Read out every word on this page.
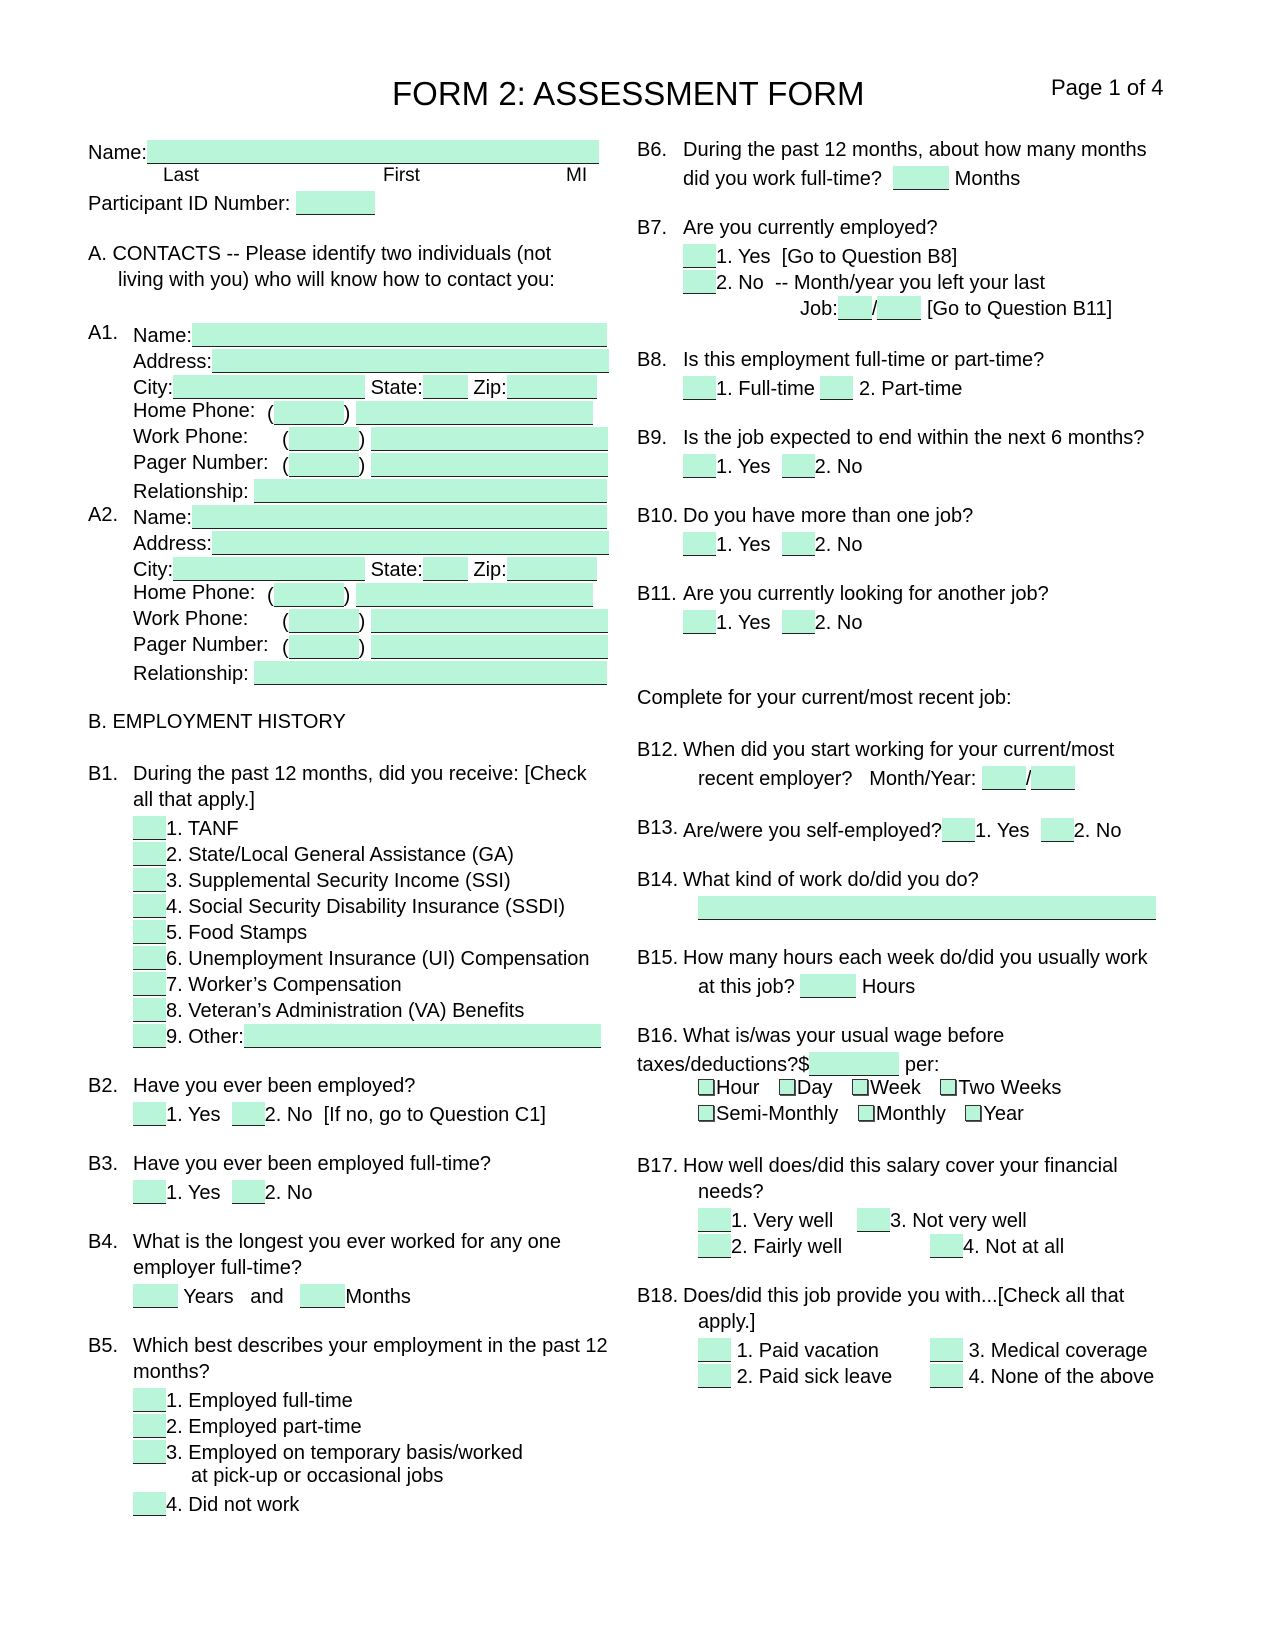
FORM 2: ASSESSMENT FORM	Page 1 of 4
Name:
Last	First	MI
Participant ID Number:
A. CONTACTS -- Please identify two individuals (not
living with you) who will know how to contact you:
A1. Name:
Address:
City:	State:	Zip:
Home Phone: (	)
Work Phone: (	)
Pager Number: (	)
Relationship:
A2. Name:
Address:
City:	State:	Zip:
Home Phone: (	)
Work Phone: (	)
Pager Number: (	)
Relationship:
B. EMPLOYMENT HISTORY
B1. During the past 12 months, did you receive: [Check
all that apply.]
1. TANF
2. State/Local General Assistance (GA)
3. Supplemental Security Income (SSI)
4. Social Security Disability Insurance (SSDI)
5. Food Stamps
6. Unemployment Insurance (UI) Compensation
7. Worker’s Compensation
8. Veteran’s Administration (VA) Benefits
9. Other:
B2. Have you ever been employed?
1. Yes 2. No [If no, go to Question C1]
B3. Have you ever been employed full-time?
1. Yes 2. No
B4. What is the longest you ever worked for any one
employer full-time?
Years and	Months
B5. Which best describes your employment in the past 12
months?
1. Employed full-time
2. Employed part-time
3. Employed on temporary basis/worked
at pick-up or occasional jobs
4. Did not work
B6. During the past 12 months, about how many months
did you work full-time?	Months
B7. Are you currently employed?
1. Yes [Go to Question B8]
2. No -- Month/year you left your last
Job: / [Go to Question B11]
B8. Is this employment full-time or part-time?
1. Full-time 2. Part-time
B9. Is the job expected to end within the next 6 months?
1. Yes 2. No
B10. Do you have more than one job?
1. Yes 2. No
B11. Are you currently looking for another job?
1. Yes 2. No
Complete for your current/most recent job:
B12. When did you start working for your current/most
recent employer? Month/Year: /
B13. Are/were you self-employed? 1. Yes 2. No
B14. What kind of work do/did you do?
B15. How many hours each week do/did you usually work
at this job?	Hours
B16. What is/was your usual wage before
taxes/deductions?$	per:
Hour Day Week Two Weeks
Semi-Monthly Monthly Year
B17. How well does/did this salary cover your financial
needs?
1. Very well	3. Not very well
2. Fairly well	4. Not at all
B18. Does/did this job provide you with...[Check all that
apply.]
1. Paid vacation	3. Medical coverage
2. Paid sick leave	4. None of the above
